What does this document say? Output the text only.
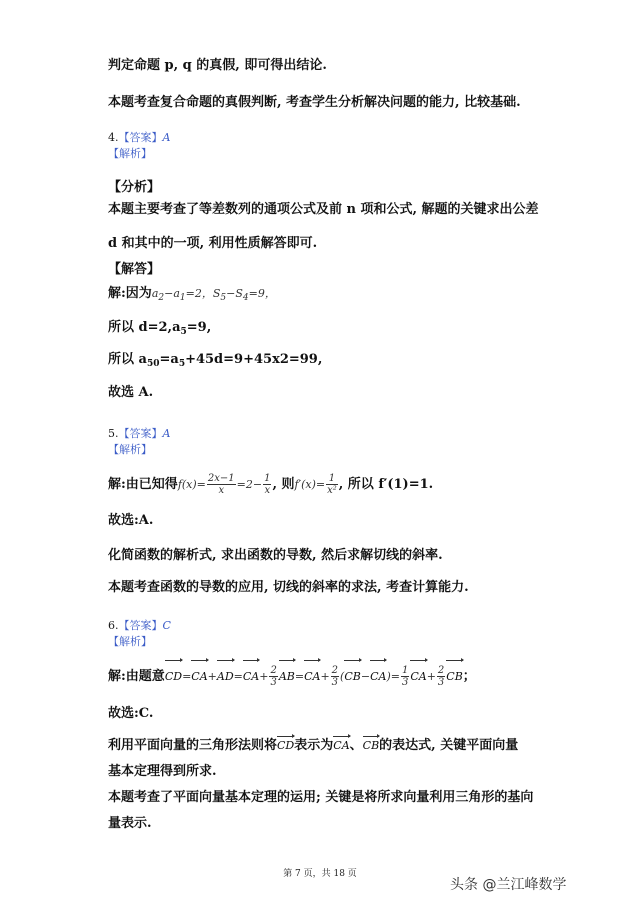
判定命题 p, q 的真假, 即可得出结论.
本题考查复合命题的真假判断, 考查学生分析解决问题的能力, 比较基础.
4.【答案】A
【解析】
【分析】
本题主要考查了等差数列的通项公式及前 n 项和公式, 解题的关键求出公差
d 和其中的一项, 利用性质解答即可.
【解答】
解:因为$a_2-a_1=2$，$S_5-S_4=9$，
所以 $d=2,a_5=9$,
所以 $a_{50}=a_5+45d=9+45x2=99$,
故选 A.
5.【答案】A
【解析】
解:由已知得$f(x)= \frac{2x-1}{x} =2- \frac{1}{x}$ , 则$f'(x)= \frac{1}{\text{x²}}$ , 所以 f′(1)=1.
故选:A.
化简函数的解析式, 求出函数的导数, 然后求解切线的斜率.
本题考查函数的导数的应用, 切线的斜率的求法, 考查计算能力.
6.【答案】C
【解析】
解:由题意$CD=CA+AD=CA+ \frac{2}{3} AB=CA+ \frac{2}{3} (CB-CA)= \frac{1}{3} CA+ \frac{2}{3}$ CB；
故选:C.
利用平面向量的三角形法则将CD表示为CA、CB的表达式, 关键平面向量
基本定理得到所求.
本题考查了平面向量基本定理的运用; 关键是将所求向量利用三角形的基向
量表示.
第 7 页，共 18 页
头条 @兰江峰数学
